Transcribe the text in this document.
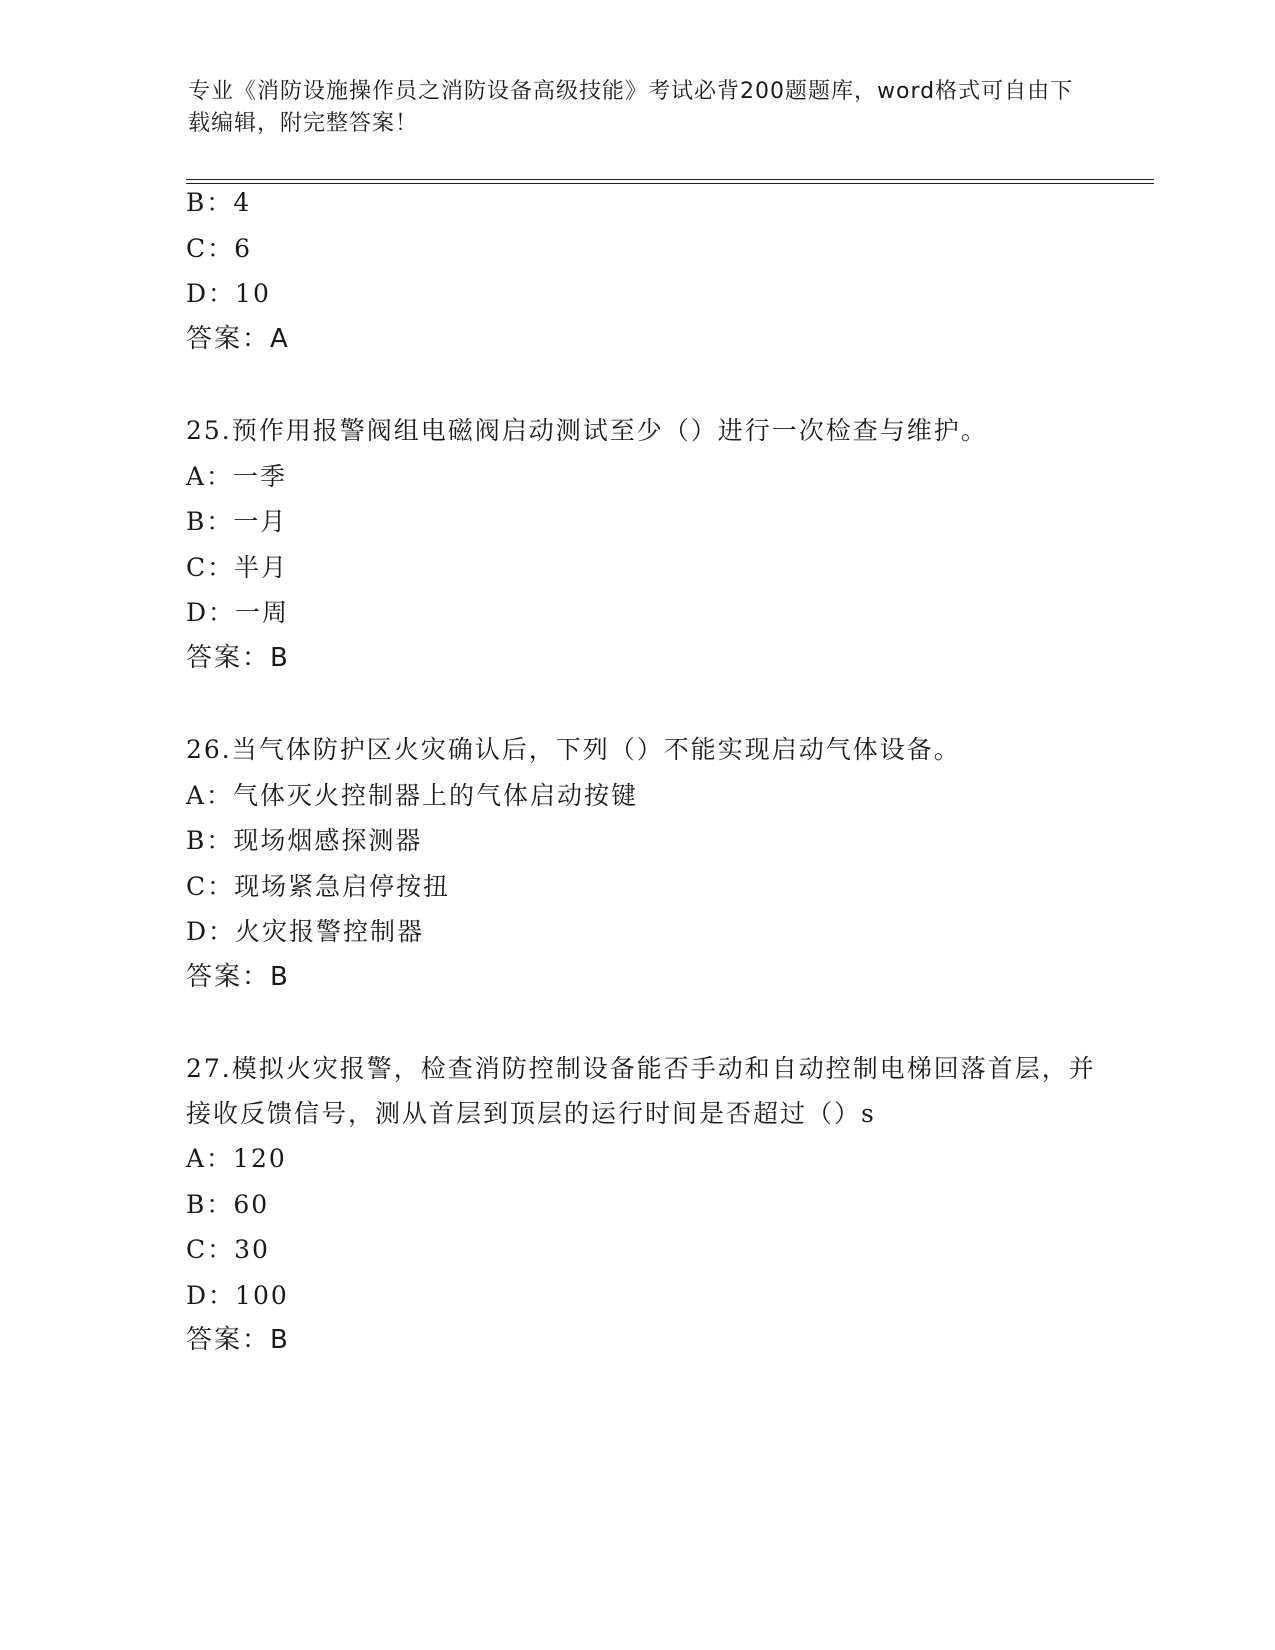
专业《消防设施操作员之消防设备高级技能》考试必背200题题库，word格式可自由下载编辑，附完整答案！
B：4
C：6
D：10
答案：A
25.预作用报警阀组电磁阀启动测试至少（）进行一次检查与维护。
A：一季
B：一月
C：半月
D：一周
答案：B
26.当气体防护区火灾确认后，下列（）不能实现启动气体设备。
A：气体灭火控制器上的气体启动按键
B：现场烟感探测器
C：现场紧急启停按扭
D：火灾报警控制器
答案：B
27.模拟火灾报警，检查消防控制设备能否手动和自动控制电梯回落首层，并接收反馈信号，测从首层到顶层的运行时间是否超过（）s
A：120
B：60
C：30
D：100
答案：B
